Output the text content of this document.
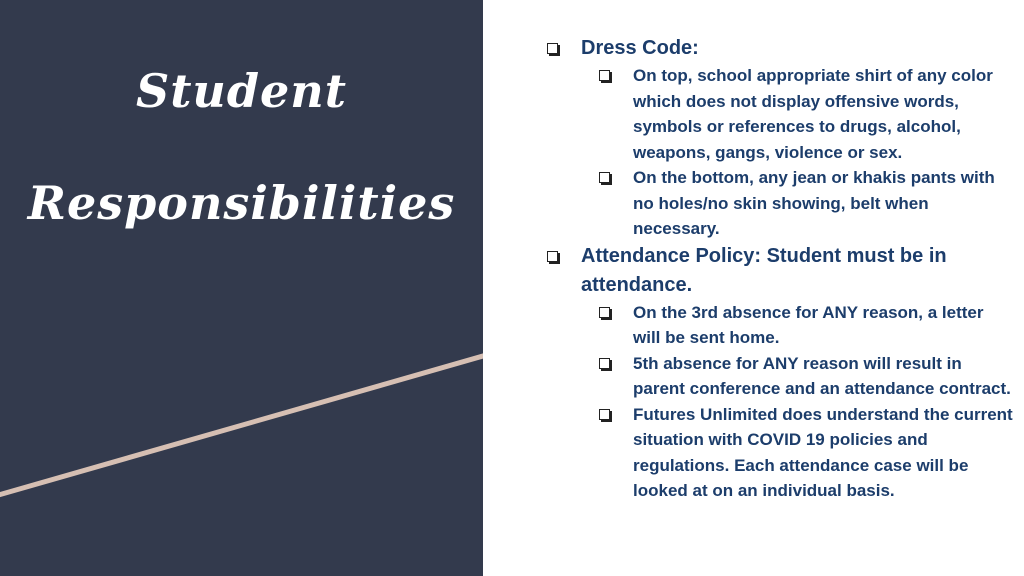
Student
Responsibilities
Dress Code:
On top, school appropriate shirt of any color which does not display offensive words, symbols or references to drugs, alcohol, weapons, gangs, violence or sex.
On the bottom, any jean or khakis pants with no holes/no skin showing, belt when necessary.
Attendance Policy: Student must be in attendance.
On the 3rd absence for ANY reason, a letter will be sent home.
5th absence for ANY reason will result in parent conference and an attendance contract.
Futures Unlimited does understand the current situation with COVID 19 policies and regulations. Each attendance case will be looked at on an individual basis.
